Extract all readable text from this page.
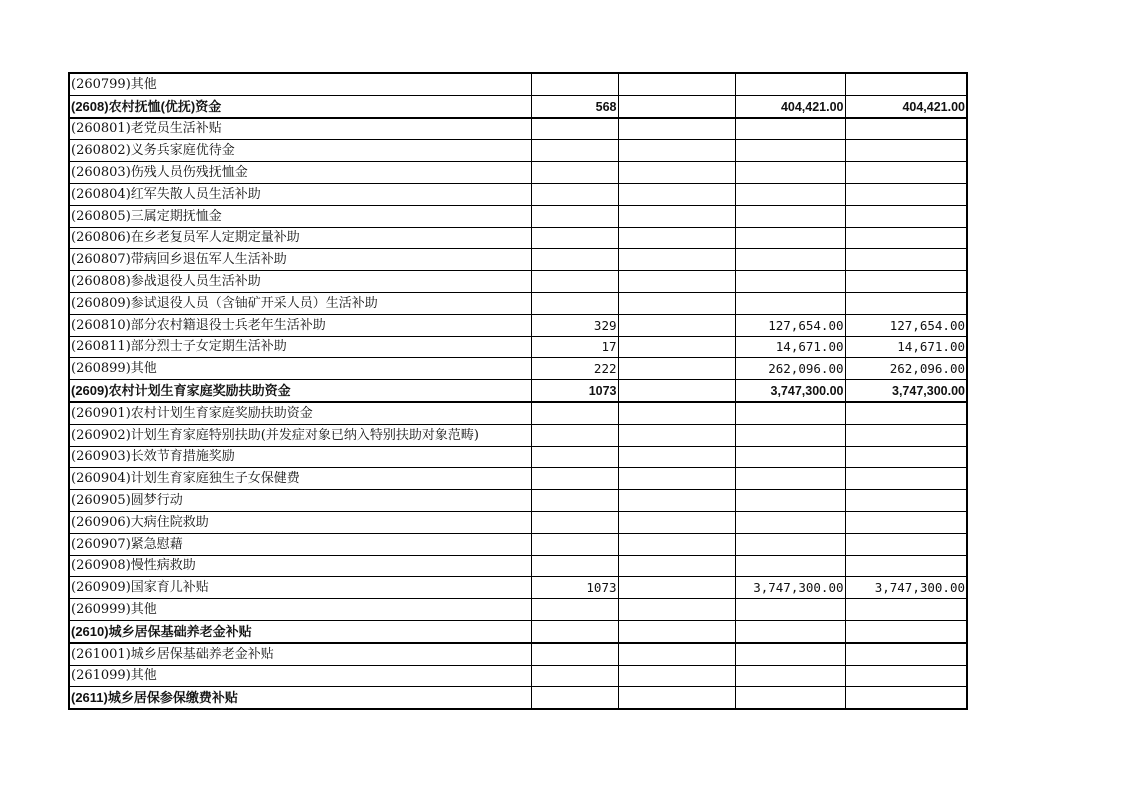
(260799)其他				
(2608)农村抚恤(优抚)资金	568		404,421.00	404,421.00
(260801)老党员生活补贴				
(260802)义务兵家庭优待金				
(260803)伤残人员伤残抚恤金				
(260804)红军失散人员生活补助				
(260805)三属定期抚恤金				
(260806)在乡老复员军人定期定量补助				
(260807)带病回乡退伍军人生活补助				
(260808)参战退役人员生活补助				
(260809)参试退役人员（含铀矿开采人员）生活补助				
(260810)部分农村籍退役士兵老年生活补助	329		127,654.00	127,654.00
(260811)部分烈士子女定期生活补助	17		14,671.00	14,671.00
(260899)其他	222		262,096.00	262,096.00
(2609)农村计划生育家庭奖励扶助资金	1073		3,747,300.00	3,747,300.00
(260901)农村计划生育家庭奖励扶助资金				
(260902)计划生育家庭特别扶助(并发症对象已纳入特别扶助对象范畴)				
(260903)长效节育措施奖励				
(260904)计划生育家庭独生子女保健费				
(260905)圆梦行动				
(260906)大病住院救助				
(260907)紧急慰藉				
(260908)慢性病救助				
(260909)国家育儿补贴	1073		3,747,300.00	3,747,300.00
(260999)其他				
(2610)城乡居保基础养老金补贴				
(261001)城乡居保基础养老金补贴				
(261099)其他				
(2611)城乡居保参保缴费补贴				
